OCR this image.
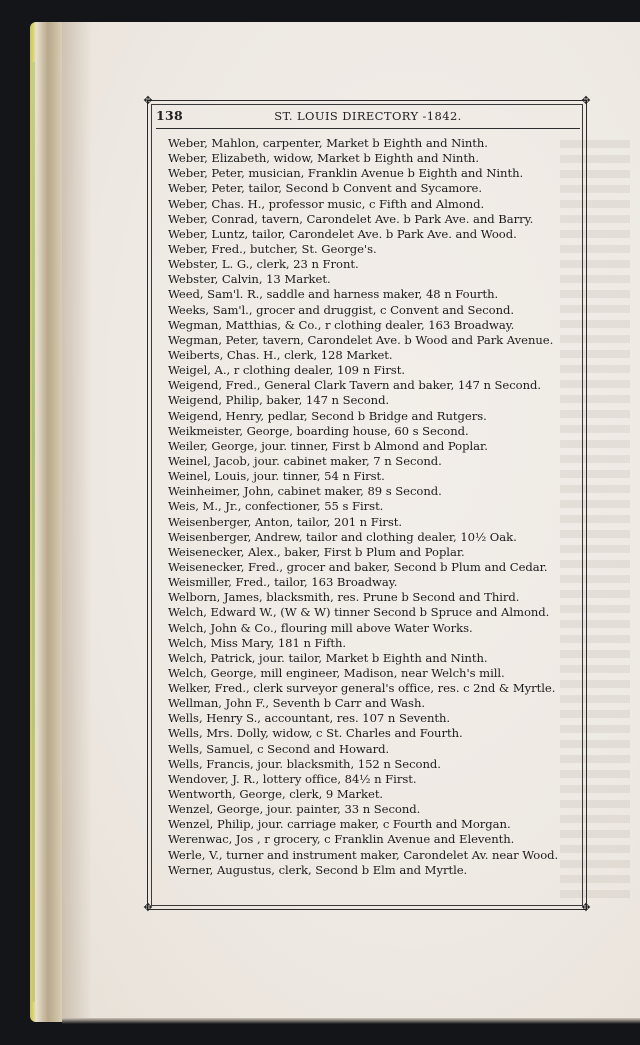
✥	✥
✥	✥
138	ST. LOUIS DIRECTORY -1842.
Weber, Mahlon, carpenter, Market b Eighth and Ninth.
Weber, Elizabeth, widow, Market b Eighth and Ninth.
Weber, Peter, musician, Franklin Avenue b Eighth and Ninth.
Weber, Peter, tailor, Second b Convent and Sycamore.
Weber, Chas. H., professor music, c Fifth and Almond.
Weber, Conrad, tavern, Carondelet Ave. b Park Ave. and Barry.
Weber, Luntz, tailor, Carondelet Ave. b Park Ave. and Wood.
Weber, Fred., butcher, St. George's.
Webster, L. G., clerk, 23 n Front.
Webster, Calvin, 13 Market.
Weed, Sam'l. R., saddle and harness maker, 48 n Fourth.
Weeks, Sam'l., grocer and druggist, c Convent and Second.
Wegman, Matthias, & Co., r clothing dealer, 163 Broadway.
Wegman, Peter, tavern, Carondelet Ave. b Wood and Park Avenue.
Weiberts, Chas. H., clerk, 128 Market.
Weigel, A., r clothing dealer, 109 n First.
Weigend, Fred., General Clark Tavern and baker, 147 n Second.
Weigend, Philip, baker, 147 n Second.
Weigend, Henry, pedlar, Second b Bridge and Rutgers.
Weikmeister, George, boarding house, 60 s Second.
Weiler, George, jour. tinner, First b Almond and Poplar.
Weinel, Jacob, jour. cabinet maker, 7 n Second.
Weinel, Louis, jour. tinner, 54 n First.
Weinheimer, John, cabinet maker, 89 s Second.
Weis, M., Jr., confectioner, 55 s First.
Weisenberger, Anton, tailor, 201 n First.
Weisenberger, Andrew, tailor and clothing dealer, 10½ Oak.
Weisenecker, Alex., baker, First b Plum and Poplar.
Weisenecker, Fred., grocer and baker, Second b Plum and Cedar.
Weismiller, Fred., tailor, 163 Broadway.
Welborn, James, blacksmith, res. Prune b Second and Third.
Welch, Edward W., (W & W) tinner Second b Spruce and Almond.
Welch, John & Co., flouring mill above Water Works.
Welch, Miss Mary, 181 n Fifth.
Welch, Patrick, jour. tailor, Market b Eighth and Ninth.
Welch, George, mill engineer, Madison, near Welch's mill.
Welker, Fred., clerk surveyor general's office, res. c 2nd & Myrtle.
Wellman, John F., Seventh b Carr and Wash.
Wells, Henry S., accountant, res. 107 n Seventh.
Wells, Mrs. Dolly, widow, c St. Charles and Fourth.
Wells, Samuel, c Second and Howard.
Wells, Francis, jour. blacksmith, 152 n Second.
Wendover, J. R., lottery office, 84½ n First.
Wentworth, George, clerk, 9 Market.
Wenzel, George, jour. painter, 33 n Second.
Wenzel, Philip, jour. carriage maker, c Fourth and Morgan.
Werenwac, Jos , r grocery, c Franklin Avenue and Eleventh.
Werle, V., turner and instrument maker, Carondelet Av. near Wood.
Werner, Augustus, clerk, Second b Elm and Myrtle.
